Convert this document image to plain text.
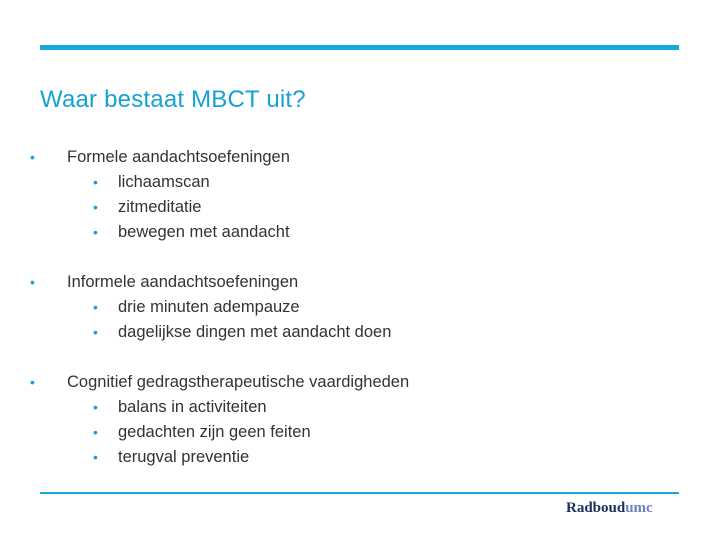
Waar bestaat MBCT uit?
• Formele aandachtsoefeningen
• lichaamscan
• zitmeditatie
• bewegen met aandacht
• Informele aandachtsoefeningen
• drie minuten adempauze
• dagelijkse dingen met aandacht doen
• Cognitief gedragstherapeutische vaardigheden
• balans in activiteiten
• gedachten zijn geen feiten
• terugval preventie
Radboudumc
